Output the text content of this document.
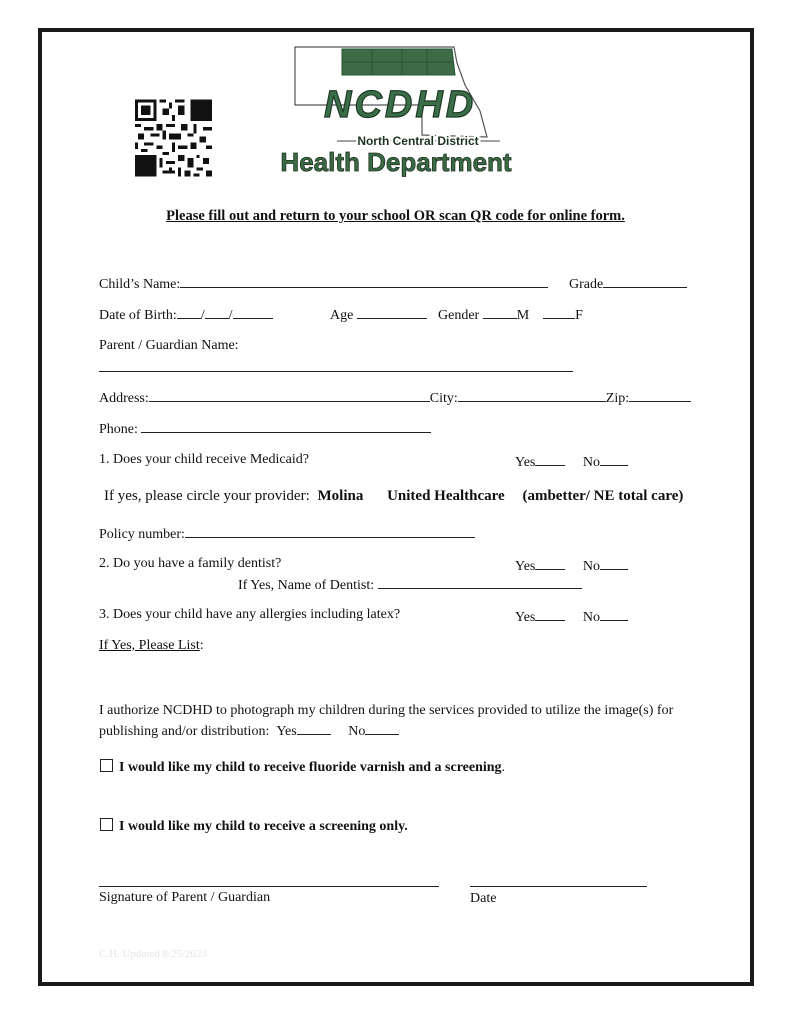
NCDHD
North Central District
Health Department
Please fill out and return to your school OR scan QR code for online form.
Child’s Name:	Grade
Date of Birth: / /	Age	Gender	M	F
Parent / Guardian Name:
Address:	City:	Zip:
Phone:
1. Does your child receive Medicaid?	Yes	No
If yes, please circle your provider: Molina United Healthcare (ambetter/ NE total care)
Policy number:
2. Do you have a family dentist?	Yes	No
If Yes, Name of Dentist:
3. Does your child have any allergies including latex?	Yes	No
If Yes, Please List:
I authorize NCDHD to photograph my children during the services provided to utilize the image(s) for
publishing and/or distribution: Yes	No
I would like my child to receive fluoride varnish and a screening.
I would like my child to receive a screening only.
Signature of Parent / Guardian	Date
C.H. Updated 8/25/2023
